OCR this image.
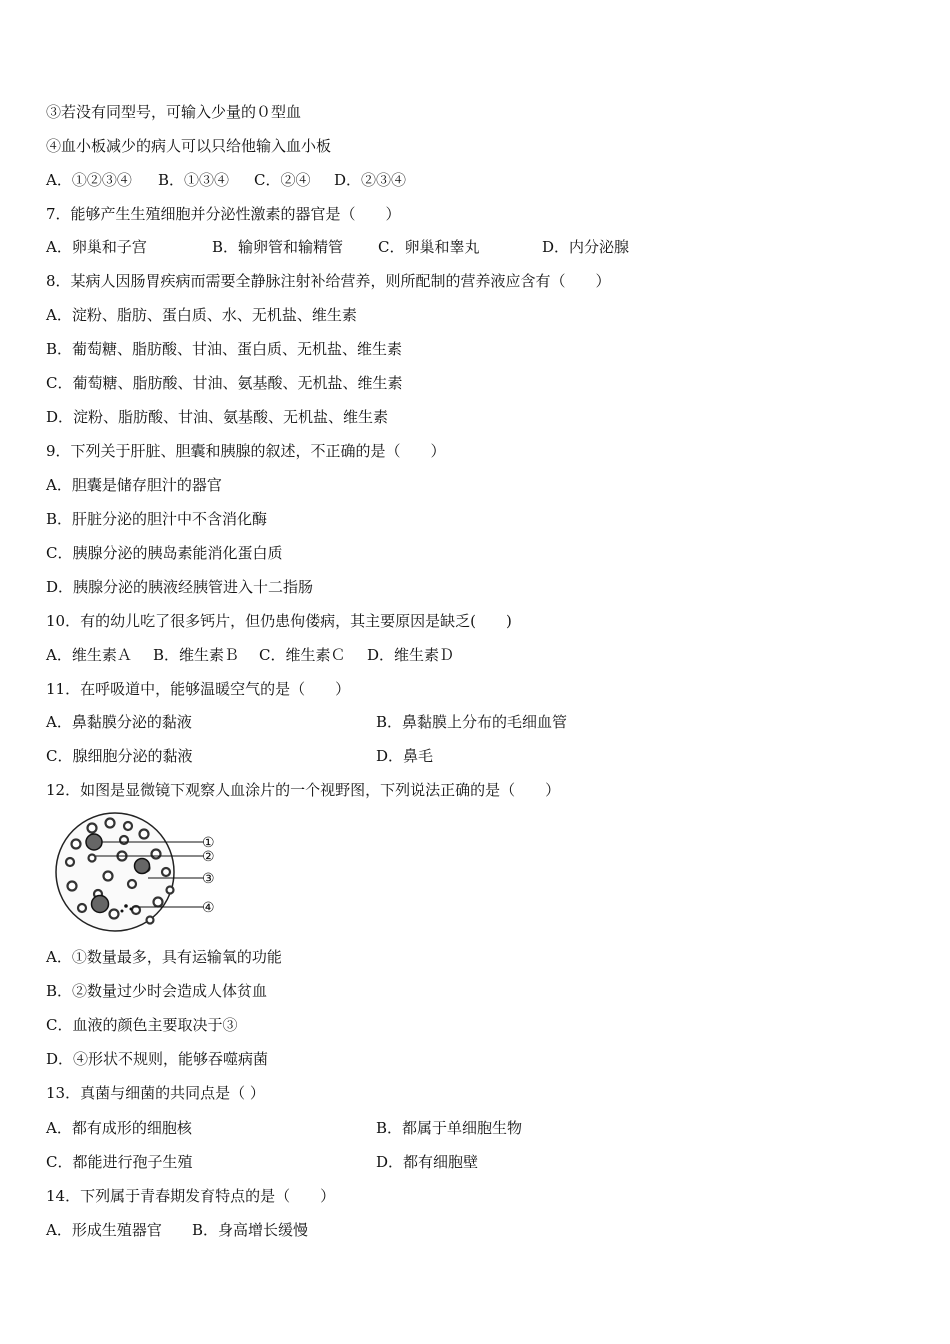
③若没有同型号，可输入少量的０型血
④血小板减少的病人可以只给他输入血小板
A．①②③④ B．①③④ C．②④ D．②③④
7．能够产生生殖细胞并分泌性激素的器官是（　　）
A．卵巢和子宫	B．输卵管和输精管 C．卵巢和睾丸	D．内分泌腺
8．某病人因肠胃疾病而需要全静脉注射补给营养，则所配制的营养液应含有（　　）
A．淀粉、脂肪、蛋白质、水、无机盐、维生素
B．葡萄糖、脂肪酸、甘油、蛋白质、无机盐、维生素
C．葡萄糖、脂肪酸、甘油、氨基酸、无机盐、维生素
D．淀粉、脂肪酸、甘油、氨基酸、无机盐、维生素
9．下列关于肝脏、胆囊和胰腺的叙述，不正确的是（　　）
A．胆囊是储存胆汁的器官
B．肝脏分泌的胆汁中不含消化酶
C．胰腺分泌的胰岛素能消化蛋白质
D．胰腺分泌的胰液经胰管进入十二指肠
10．有的幼儿吃了很多钙片，但仍患佝偻病，其主要原因是缺乏(　　)
A．维生素Ａ B．维生素Ｂ C．维生素Ｃ D．维生素Ｄ
11．在呼吸道中，能够温暖空气的是（　　）
A．鼻黏膜分泌的黏液	B．鼻黏膜上分布的毛细血管
C．腺细胞分泌的黏液	D．鼻毛
12．如图是显微镜下观察人血涂片的一个视野图，下列说法正确的是（　　）
①
②
③
④
A．①数量最多，具有运输氧的功能
B．②数量过少时会造成人体贫血
C．血液的颜色主要取决于③
D．④形状不规则，能够吞噬病菌
13．真菌与细菌的共同点是（ ）
A．都有成形的细胞核	B．都属于单细胞生物
C．都能进行孢子生殖	D．都有细胞壁
14．下列属于青春期发育特点的是（　　）
A．形成生殖器官 B．身高增长缓慢
